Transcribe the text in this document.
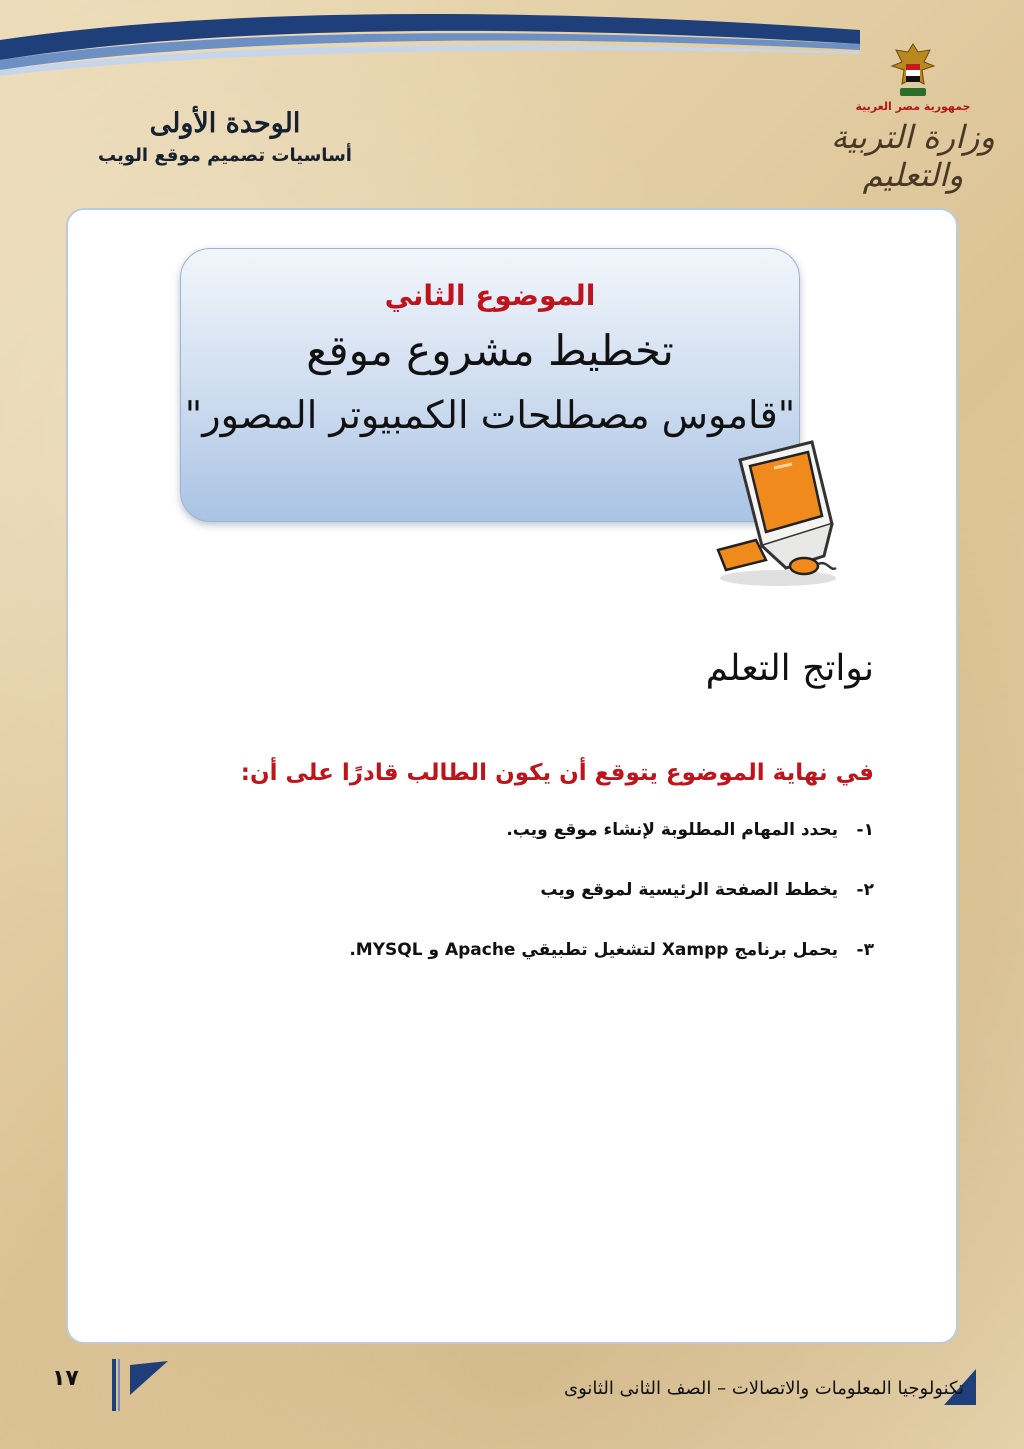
الوحدة الأولى
أساسيات تصميم موقع الويب
جمهورية مصر العربية
وزارة التربية والتعليم
الموضوع الثاني
تخطيط مشروع موقع
"قاموس مصطلحات الكمبيوتر المصور"
نواتج التعلم
في نهاية الموضوع يتوقع أن يكون الطالب قادرًا على أن:
١-
يحدد المهام المطلوبة لإنشاء موقع ويب.
٢-
يخطط الصفحة الرئيسية لموقع ويب
٣-
يحمل برنامج Xampp لتشغيل تطبيقي Apache و MYSQL.
١٧	تكنولوجيا المعلومات والاتصالات – الصف الثانى الثانوى
